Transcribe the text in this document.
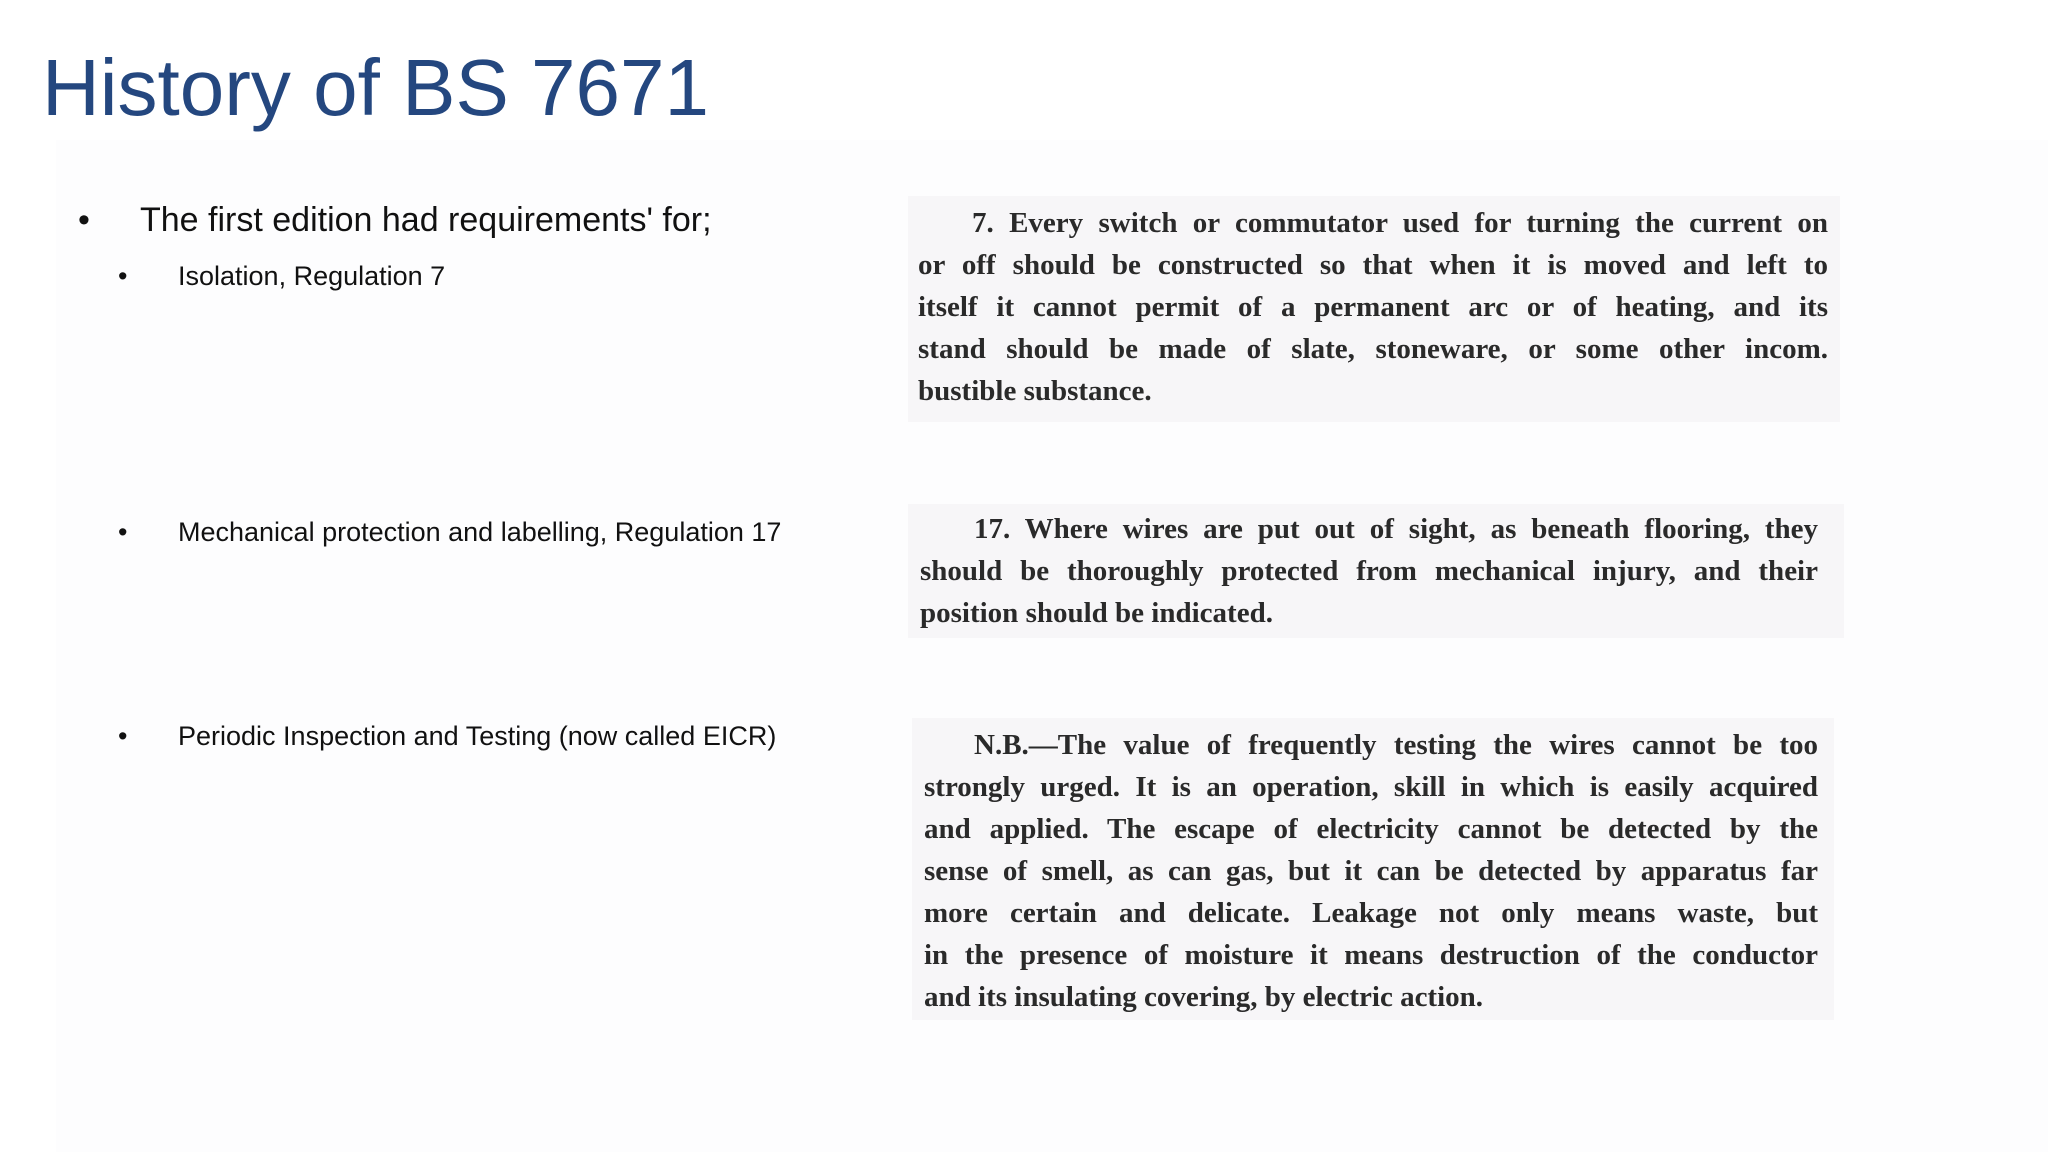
History of BS 7671
• The first edition had requirements' for;
• Isolation, Regulation 7
• Mechanical protection and labelling, Regulation 17
• Periodic Inspection and Testing (now called EICR)
7. Every switch or commutator used for turning the current on
or off should be constructed so that when it is moved and left to
itself it cannot permit of a permanent arc or of heating, and its
stand should be made of slate, stoneware, or some other incom.
bustible substance.
17. Where wires are put out of sight, as beneath flooring, they
should be thoroughly protected from mechanical injury, and their
position should be indicated.
N.B.—The value of frequently testing the wires cannot be too
strongly urged. It is an operation, skill in which is easily acquired
and applied. The escape of electricity cannot be detected by the
sense of smell, as can gas, but it can be detected by apparatus far
more certain and delicate. Leakage not only means waste, but
in the presence of moisture it means destruction of the conductor
and its insulating covering, by electric action.
